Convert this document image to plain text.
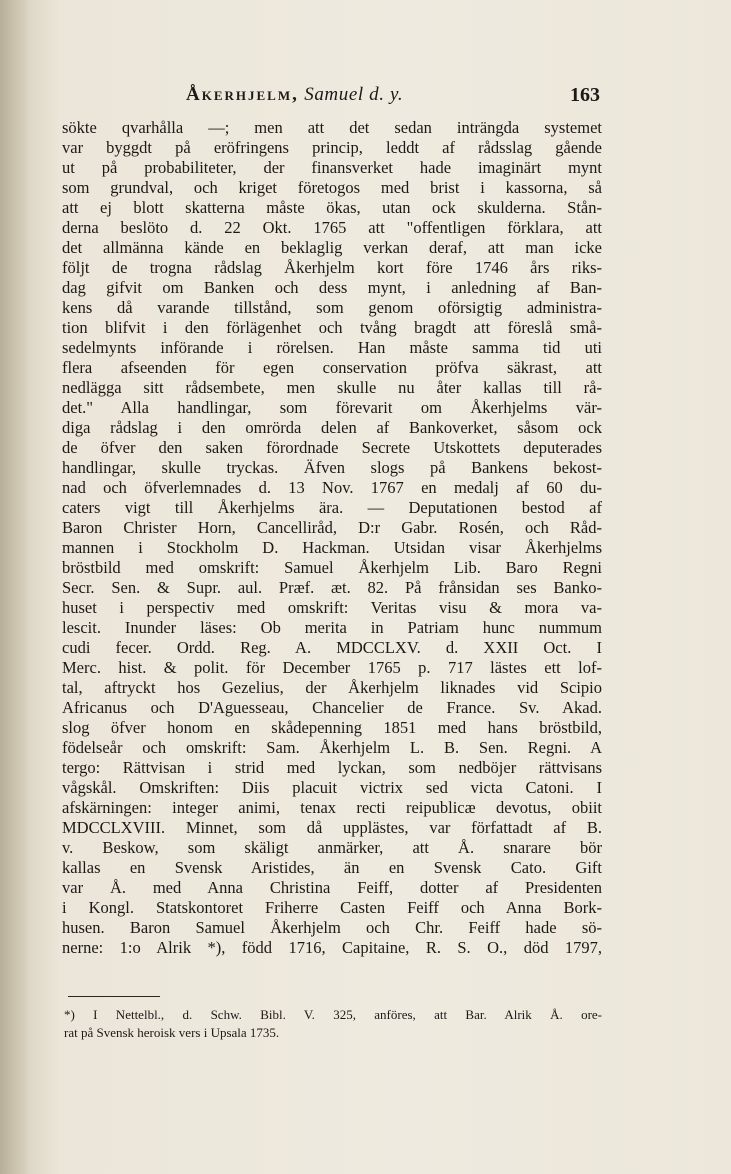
Åkerhjelm, Samuel d. y.	163
sökte qvarhålla —; men att det sedan inträngda systemet
var byggdt på eröfringens princip, leddt af rådsslag gående
ut på probabiliteter, der finansverket hade imaginärt mynt
som grundval, och kriget företogos med brist i kassorna, så
att ej blott skatterna måste ökas, utan ock skulderna. Stån-
derna beslöto d. 22 Okt. 1765 att "offentligen förklara, att
det allmänna kände en beklaglig verkan deraf, att man icke
följt de trogna rådslag Åkerhjelm kort före 1746 års riks-
dag gifvit om Banken och dess mynt, i anledning af Ban-
kens då varande tillstånd, som genom oförsigtig administra-
tion blifvit i den förlägenhet och tvång bragdt att föreslå små-
sedelmynts införande i rörelsen. Han måste samma tid uti
flera afseenden för egen conservation pröfva säkrast, att
nedlägga sitt rådsembete, men skulle nu åter kallas till rå-
det." Alla handlingar, som förevarit om Åkerhjelms vär-
diga rådslag i den omrörda delen af Bankoverket, såsom ock
de öfver den saken förordnade Secrete Utskottets deputerades
handlingar, skulle tryckas. Äfven slogs på Bankens bekost-
nad och öfverlemnades d. 13 Nov. 1767 en medalj af 60 du-
caters vigt till Åkerhjelms ära. — Deputationen bestod af
Baron Christer Horn, Cancelliråd, D:r Gabr. Rosén, och Råd-
mannen i Stockholm D. Hackman. Utsidan visar Åkerhjelms
bröstbild med omskrift: Samuel Åkerhjelm Lib. Baro Regni
Secr. Sen. & Supr. aul. Præf. æt. 82. På frånsidan ses Banko-
huset i perspectiv med omskrift: Veritas visu & mora va-
lescit. Inunder läses: Ob merita in Patriam hunc nummum
cudi fecer. Ordd. Reg. A. MDCCLXV. d. XXII Oct. I
Merc. hist. & polit. för December 1765 p. 717 lästes ett lof-
tal, aftryckt hos Gezelius, der Åkerhjelm liknades vid Scipio
Africanus och D'Aguesseau, Chancelier de France. Sv. Akad.
slog öfver honom en skådepenning 1851 med hans bröstbild,
födelseår och omskrift: Sam. Åkerhjelm L. B. Sen. Regni. A
tergo: Rättvisan i strid med lyckan, som nedböjer rättvisans
vågskål. Omskriften: Diis placuit victrix sed victa Catoni. I
afskärningen: integer animi, tenax recti reipublicæ devotus, obiit
MDCCLXVIII. Minnet, som då upplästes, var författadt af B.
v. Beskow, som skäligt anmärker, att Å. snarare bör
kallas en Svensk Aristides, än en Svensk Cato. Gift
var Å. med Anna Christina Feiff, dotter af Presidenten
i Kongl. Statskontoret Friherre Casten Feiff och Anna Bork-
husen. Baron Samuel Åkerhjelm och Chr. Feiff hade sö-
nerne: 1:o Alrik *), född 1716, Capitaine, R. S. O., död 1797,
*) I Nettelbl., d. Schw. Bibl. V. 325, anföres, att Bar. Alrik Å. ore-
rat på Svensk heroisk vers i Upsala 1735.
